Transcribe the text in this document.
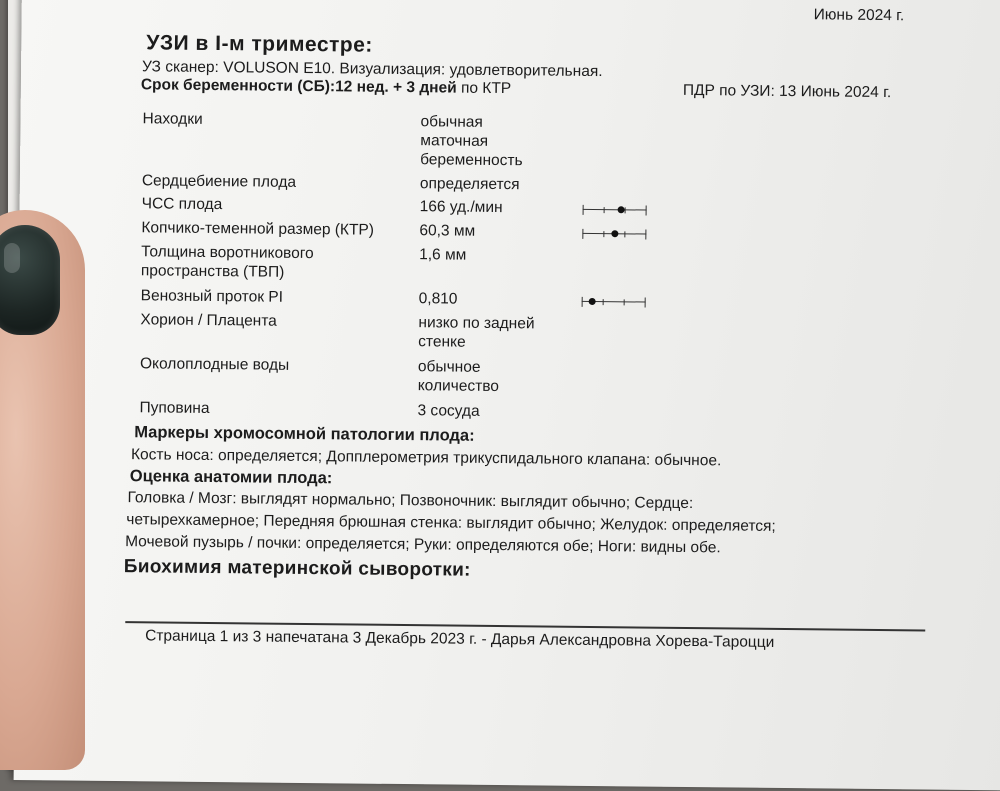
Июнь 2024 г.
УЗИ в I-м триместре:
УЗ сканер: VOLUSON E10. Визуализация: удовлетворительная.
Срок беременности (СБ):12 нед. + 3 дней по КТР	ПДР по УЗИ: 13 Июнь 2024 г.
Находки	обычная
маточная
беременность
Сердцебиение плода	определяется
ЧСС плода	166 уд./мин
Копчико-теменной размер (КТР)	60,3 мм
Толщина воротникового
пространства (ТВП)
1,6 мм
Венозный проток PI	0,810
Хорион / Плацента	низко по задней
стенке
Околоплодные воды	обычное
количество
Пуповина	3 сосуда
Маркеры хромосомной патологии плода:
Кость носа: определяется; Допплерометрия трикуспидального клапана: обычное.
Оценка анатомии плода:
Головка / Мозг: выглядят нормально; Позвоночник: выглядит обычно; Сердце:
четырехкамерное; Передняя брюшная стенка: выглядит обычно; Желудок: определяется;
Мочевой пузырь / почки: определяется; Руки: определяются обе; Ноги: видны обе.
Биохимия материнской сыворотки:
Страница 1 из 3 напечатана 3 Декабрь 2023 г. - Дарья Александровна Хорева-Тароцци
